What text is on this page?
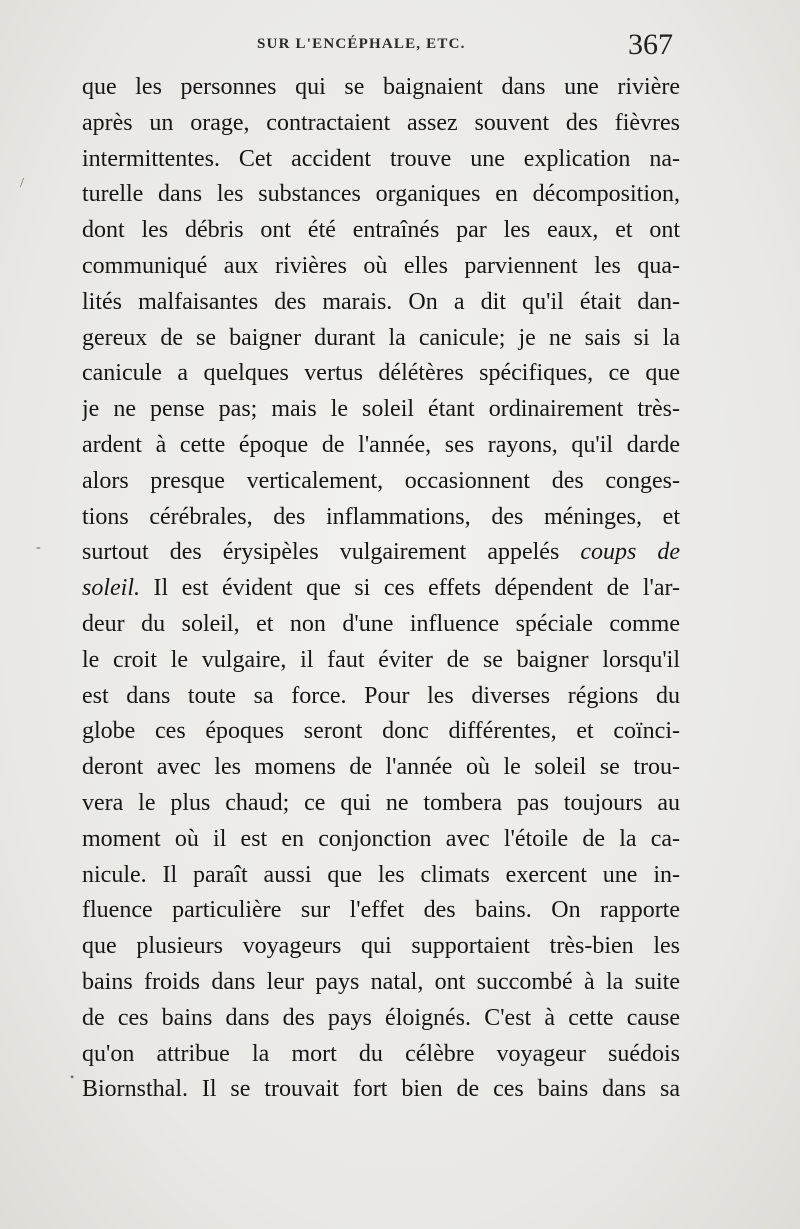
SUR L'ENCÉPHALE, ETC.	367
que les personnes qui se baignaient dans une rivière
après un orage, contractaient assez souvent des fièvres
intermittentes. Cet accident trouve une explication na-
turelle dans les substances organiques en décomposition,
dont les débris ont été entraînés par les eaux, et ont
communiqué aux rivières où elles parviennent les qua-
lités malfaisantes des marais. On a dit qu'il était dan-
gereux de se baigner durant la canicule; je ne sais si la
canicule a quelques vertus délétères spécifiques, ce que
je ne pense pas; mais le soleil étant ordinairement très-
ardent à cette époque de l'année, ses rayons, qu'il darde
alors presque verticalement, occasionnent des conges-
tions cérébrales, des inflammations, des méninges, et
surtout des érysipèles vulgairement appelés coups de
soleil. Il est évident que si ces effets dépendent de l'ar-
deur du soleil, et non d'une influence spéciale comme
le croit le vulgaire, il faut éviter de se baigner lorsqu'il
est dans toute sa force. Pour les diverses régions du
globe ces époques seront donc différentes, et coïnci-
deront avec les momens de l'année où le soleil se trou-
vera le plus chaud; ce qui ne tombera pas toujours au
moment où il est en conjonction avec l'étoile de la ca-
nicule. Il paraît aussi que les climats exercent une in-
fluence particulière sur l'effet des bains. On rapporte
que plusieurs voyageurs qui supportaient très-bien les
bains froids dans leur pays natal, ont succombé à la suite
de ces bains dans des pays éloignés. C'est à cette cause
qu'on attribue la mort du célèbre voyageur suédois
Biornsthal. Il se trouvait fort bien de ces bains dans sa
/
‐
•
